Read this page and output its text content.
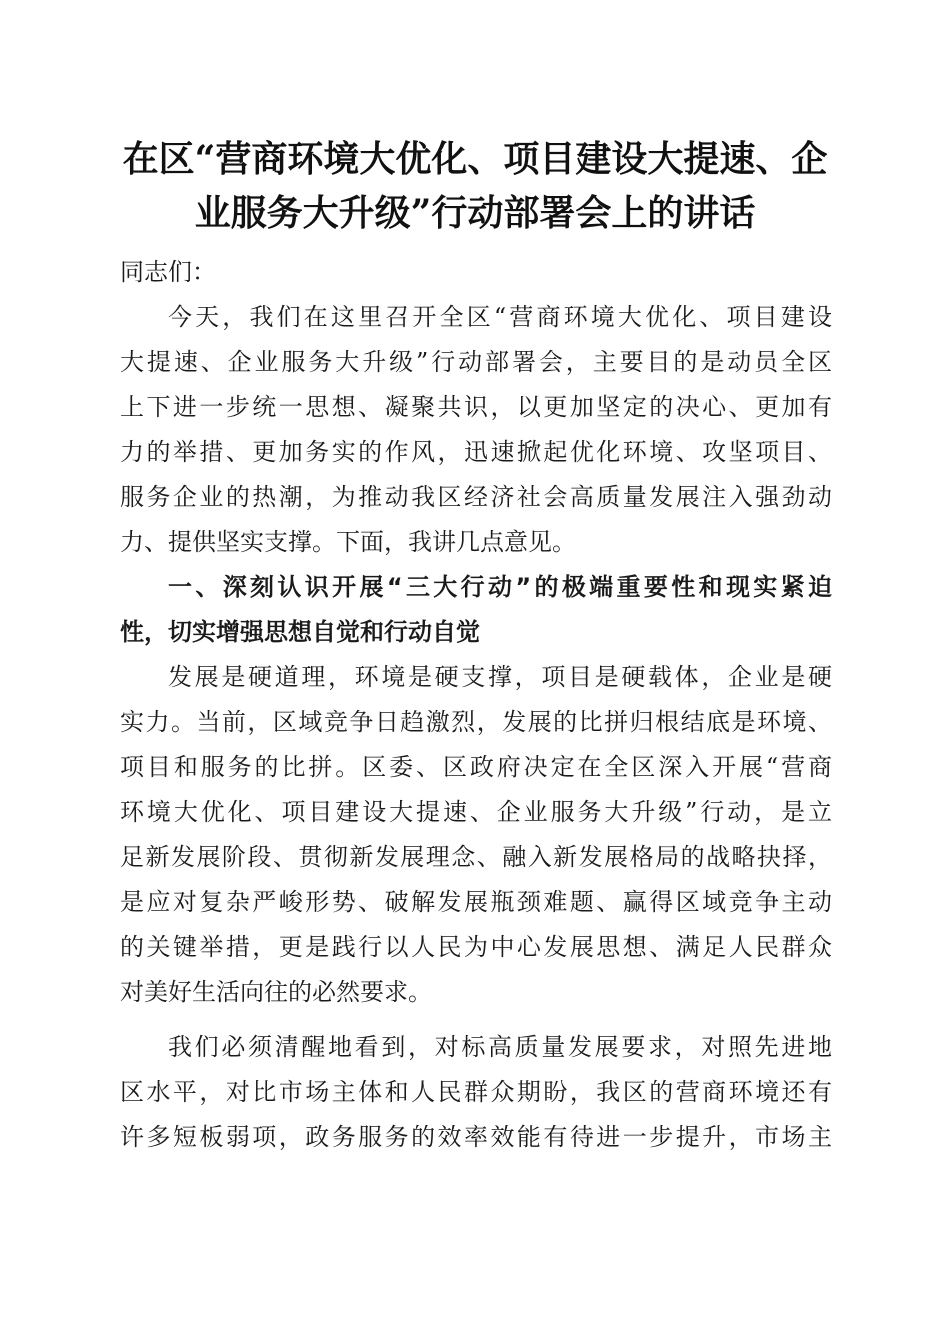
在区“营商环境大优化、项目建设大提速、企
业服务大升级”行动部署会上的讲话
同志们：
今天，我们在这里召开全区“营商环境大优化、项目建设
大提速、企业服务大升级”行动部署会，主要目的是动员全区
上下进一步统一思想、凝聚共识，以更加坚定的决心、更加有
力的举措、更加务实的作风，迅速掀起优化环境、攻坚项目、
服务企业的热潮，为推动我区经济社会高质量发展注入强劲动
力、提供坚实支撑。下面，我讲几点意见。
一、深刻认识开展“三大行动”的极端重要性和现实紧迫
性，切实增强思想自觉和行动自觉
发展是硬道理，环境是硬支撑，项目是硬载体，企业是硬
实力。当前，区域竞争日趋激烈，发展的比拼归根结底是环境、
项目和服务的比拼。区委、区政府决定在全区深入开展“营商
环境大优化、项目建设大提速、企业服务大升级”行动，是立
足新发展阶段、贯彻新发展理念、融入新发展格局的战略抉择，
是应对复杂严峻形势、破解发展瓶颈难题、赢得区域竞争主动
的关键举措，更是践行以人民为中心发展思想、满足人民群众
对美好生活向往的必然要求。
我们必须清醒地看到，对标高质量发展要求，对照先进地
区水平，对比市场主体和人民群众期盼，我区的营商环境还有
许多短板弱项，政务服务的效率效能有待进一步提升，市场主
